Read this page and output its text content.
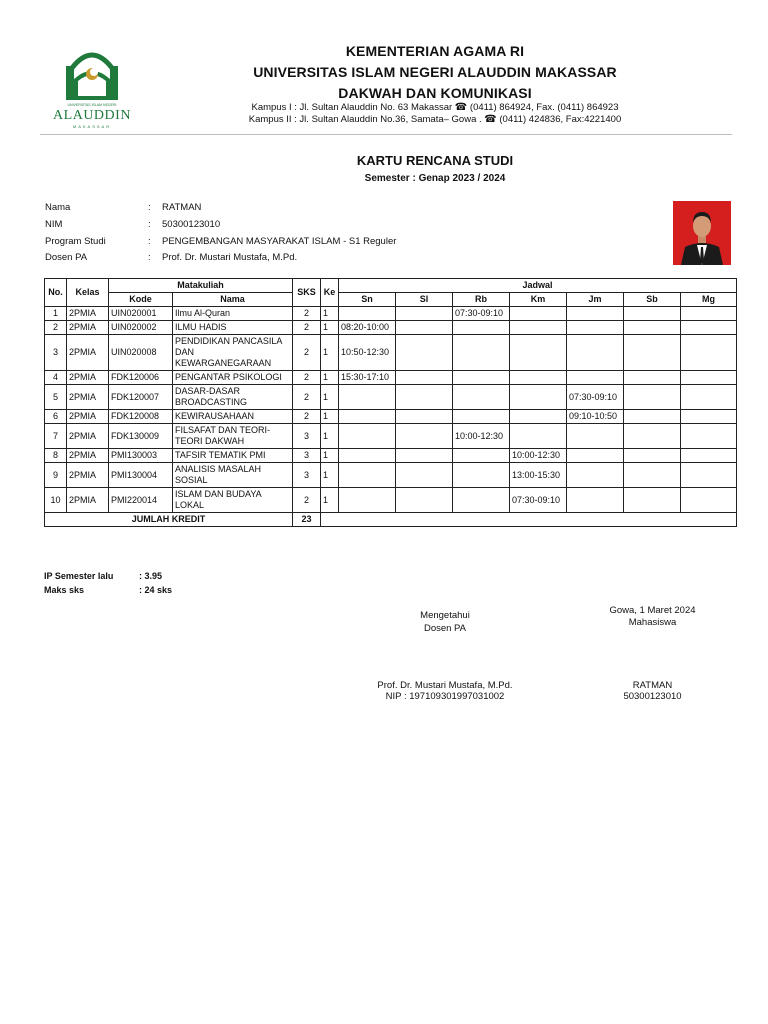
UNIVERSITAS ISLAM NEGERI
ALAUDDIN
MAKASSAR
KEMENTERIAN AGAMA RI
UNIVERSITAS ISLAM NEGERI ALAUDDIN MAKASSAR
DAKWAH DAN KOMUNIKASI
Kampus I : Jl. Sultan Alauddin No. 63 Makassar ☎ (0411) 864924, Fax. (0411) 864923
Kampus II : Jl. Sultan Alauddin No.36, Samata– Gowa . ☎ (0411) 424836, Fax:4221400
KARTU RENCANA STUDI
Semester : Genap 2023 / 2024
Nama	: RATMAN
NIM	: 50300123010
Program Studi	: PENGEMBANGAN MASYARAKAT ISLAM - S1 Reguler
Dosen PA	: Prof. Dr. Mustari Mustafa, M.Pd.
No.	Kelas	Matakuliah		SKS	Ke	Jadwal						
		Kode	Nama			Sn	Sl	Rb	Km	Jm	Sb	Mg
1	2PMIA	UIN020001	Ilmu Al-Quran	2	1			07:30-09:10				
2	2PMIA	UIN020002	ILMU HADIS	2	1	08:20-10:00						
3	2PMIA	UIN020008	PENDIDIKAN PANCASILA DAN KEWARGANEGARAAN	2	1	10:50-12:30						
4	2PMIA	FDK120006	PENGANTAR PSIKOLOGI	2	1	15:30-17:10						
5	2PMIA	FDK120007	DASAR-DASAR BROADCASTING	2	1					07:30-09:10		
6	2PMIA	FDK120008	KEWIRAUSAHAAN	2	1					09:10-10:50		
7	2PMIA	FDK130009	FILSAFAT DAN TEORI-TEORI DAKWAH	3	1			10:00-12:30				
8	2PMIA	PMI130003	TAFSIR TEMATIK PMI	3	1				10:00-12:30			
9	2PMIA	PMI130004	ANALISIS MASALAH SOSIAL	3	1				13:00-15:30			
10	2PMIA	PMI220014	ISLAM DAN BUDAYA LOKAL	2	1				07:30-09:10			
JUMLAH KREDIT				23								
IP Semester lalu	: 3.95
Maks sks	: 24 sks
Mengetahui
Dosen PA
Prof. Dr. Mustari Mustafa, M.Pd.
NIP : 197109301997031002
Gowa, 1 Maret 2024
Mahasiswa
RATMAN
50300123010
